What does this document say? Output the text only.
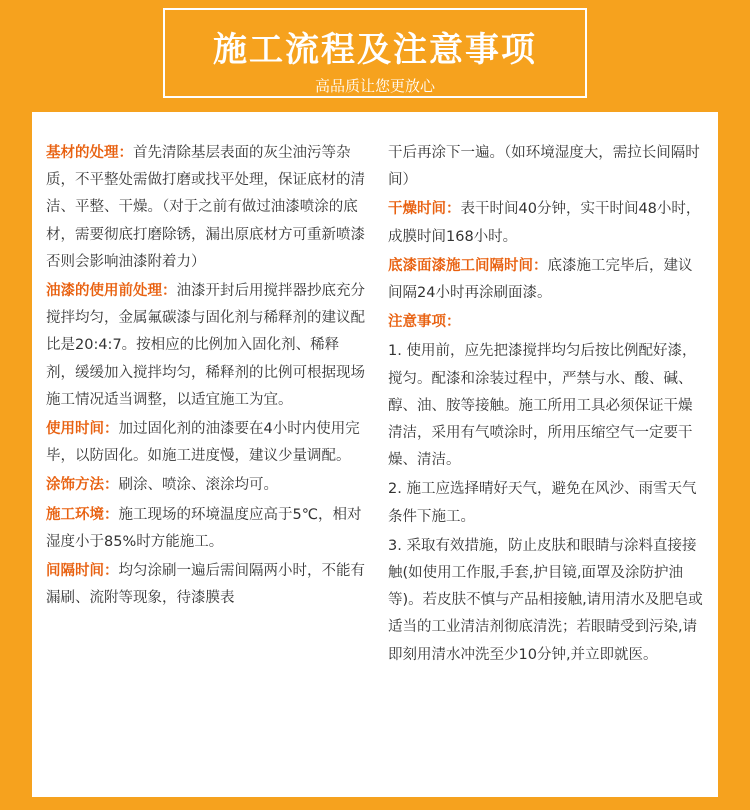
施工流程及注意事项
高品质让您更放心

基材的处理：首先清除基层表面的灰尘油污等杂质，不平整处需做打磨或找平处理，保证底材的清洁、平整、干燥。（对于之前有做过油漆喷涂的底材，需要彻底打磨除锈，漏出原底材方可重新喷漆否则会影响油漆附着力）

油漆的使用前处理：油漆开封后用搅拌器抄底充分搅拌均匀，金属氟碳漆与固化剂与稀释剂的建议配比是20:4:7。按相应的比例加入固化剂、稀释剂，缓缓加入搅拌均匀，稀释剂的比例可根据现场施工情况适当调整，以适宜施工为宜。

使用时间：加过固化剂的油漆要在4小时内使用完毕，以防固化。如施工进度慢，建议少量调配。

涂饰方法：刷涂、喷涂、滚涂均可。

施工环境：施工现场的环境温度应高于5℃，相对湿度小于85%时方能施工。

间隔时间：均匀涂刷一遍后需间隔两小时，不能有漏刷、流附等现象，待漆膜表

干后再涂下一遍。（如环境湿度大，需拉长间隔时间）

干燥时间：表干时间40分钟，实干时间48小时，成膜时间168小时。

底漆面漆施工间隔时间：底漆施工完毕后，建议间隔24小时再涂刷面漆。

注意事项：

1. 使用前，应先把漆搅拌均匀后按比例配好漆，搅匀。配漆和涂装过程中，严禁与水、酸、碱、醇、油、胺等接触。施工所用工具必须保证干燥清洁，采用有气喷涂时，所用压缩空气一定要干燥、清洁。

2. 施工应选择晴好天气，避免在风沙、雨雪天气条件下施工。

3. 采取有效措施，防止皮肤和眼睛与涂料直接接触(如使用工作服,手套,护目镜,面罩及涂防护油等)。若皮肤不慎与产品相接触,请用清水及肥皂或适当的工业清洁剂彻底清洗；若眼睛受到污染,请即刻用清水冲洗至少10分钟,并立即就医。
